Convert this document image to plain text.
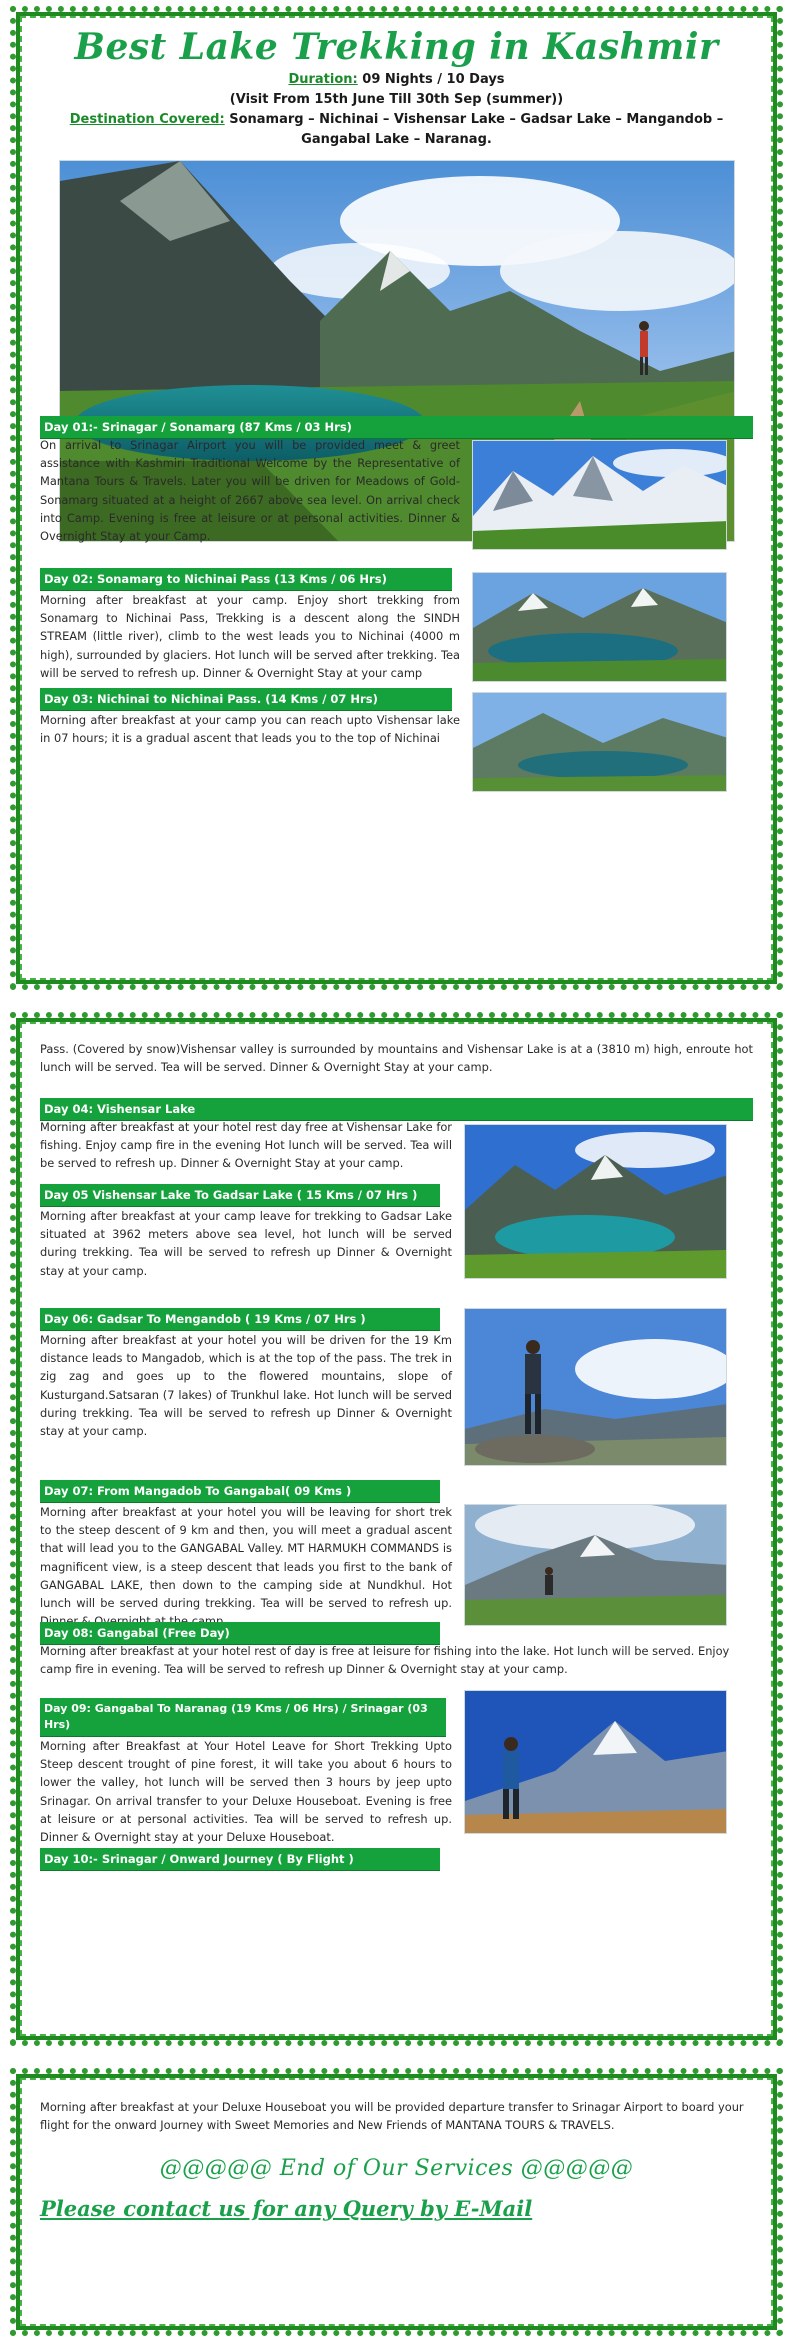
Best Lake Trekking in Kashmir
Duration: 09 Nights / 10 Days
(Visit From 15th June Till 30th Sep (summer))
Destination Covered: Sonamarg – Nichinai – Vishensar Lake – Gadsar Lake – Mangandob –
Gangabal Lake – Naranag.
Day 01:- Srinagar / Sonamarg (87 Kms / 03 Hrs)

On arrival to Srinagar Airport you will be provided meet & greet assistance with Kashmiri Traditional Welcome by the Representative of Mantana Tours & Travels. Later you will be driven for Meadows of Gold-Sonamarg situated at a height of 2667 above sea level. On arrival check into Camp. Evening is free at leisure or at personal activities. Dinner & Overnight Stay at your Camp.

Day 02: Sonamarg to Nichinai Pass (13 Kms / 06 Hrs)

Morning after breakfast at your camp. Enjoy short trekking from Sonamarg to Nichinai Pass, Trekking is a descent along the SINDH STREAM (little river), climb to the west leads you to Nichinai (4000 m high), surrounded by glaciers. Hot lunch will be served after trekking. Tea will be served to refresh up. Dinner & Overnight Stay at your camp

Day 03: Nichinai to Nichinai Pass. (14 Kms / 07 Hrs)

Morning after breakfast at your camp you can reach upto Vishensar lake in 07 hours; it is a gradual ascent that leads you to the top of Nichinai

Pass. (Covered by snow)Vishensar valley is surrounded by mountains and Vishensar Lake is at a (3810 m) high, enroute hot lunch will be served. Tea will be served. Dinner & Overnight Stay at your camp.

Day 04: Vishensar Lake

Morning after breakfast at your hotel rest day free at Vishensar Lake for fishing. Enjoy camp fire in the evening Hot lunch will be served. Tea will be served to refresh up. Dinner & Overnight Stay at your camp.

Day 05 Vishensar Lake To Gadsar Lake ( 15 Kms / 07 Hrs )

Morning after breakfast at your camp leave for trekking to Gadsar Lake situated at 3962 meters above sea level, hot lunch will be served during trekking. Tea will be served to refresh up Dinner & Overnight stay at your camp.

Day 06: Gadsar To Mengandob ( 19 Kms / 07 Hrs )

Morning after breakfast at your hotel you will be driven for the 19 Km distance leads to Mangadob, which is at the top of the pass. The trek in zig zag and goes up to the flowered mountains, slope of Kusturgand.Satsaran (7 lakes) of Trunkhul lake. Hot lunch will be served during trekking. Tea will be served to refresh up Dinner & Overnight stay at your camp.

Day 07: From Mangadob To Gangabal( 09 Kms )

Morning after breakfast at your hotel you will be leaving for short trek to the steep descent of 9 km and then, you will meet a gradual ascent that will lead you to the GANGABAL Valley. MT HARMUKH COMMANDS is magnificent view, is a steep descent that leads you first to the bank of GANGABAL LAKE, then down to the camping side at Nundkhul. Hot lunch will be served during trekking. Tea will be served to refresh up.

Day 08: Gangabal (Free Day)

Morning after breakfast at your hotel rest of day is free at leisure for fishing into the lake. Hot lunch will be served. Enjoy camp fire in evening. Tea will be served to refresh up Dinner & Overnight stay at your camp.

Day 09: Gangabal To Naranag (19 Kms / 06 Hrs) / Srinagar (03 Hrs)

Morning after Breakfast at Your Hotel Leave for Short Trekking Upto Steep descent trought of pine forest, it will take you about 6 hours to lower the valley, hot lunch will be served then 3 hours by jeep upto Srinagar. On arrival transfer to your Deluxe Houseboat. Evening is free at leisure or at personal activities. Tea will be served to refresh up. Dinner & Overnight stay at your Deluxe Houseboat.

Day 10:- Srinagar / Onward Journey ( By Flight )

Morning after breakfast at your Deluxe Houseboat you will be provided departure transfer to Srinagar Airport to board your flight for the onward Journey with Sweet Memories and New Friends of MANTANA TOURS & TRAVELS.

@@@@@ End of Our Services @@@@@
Please contact us for any Query by E-Mail
